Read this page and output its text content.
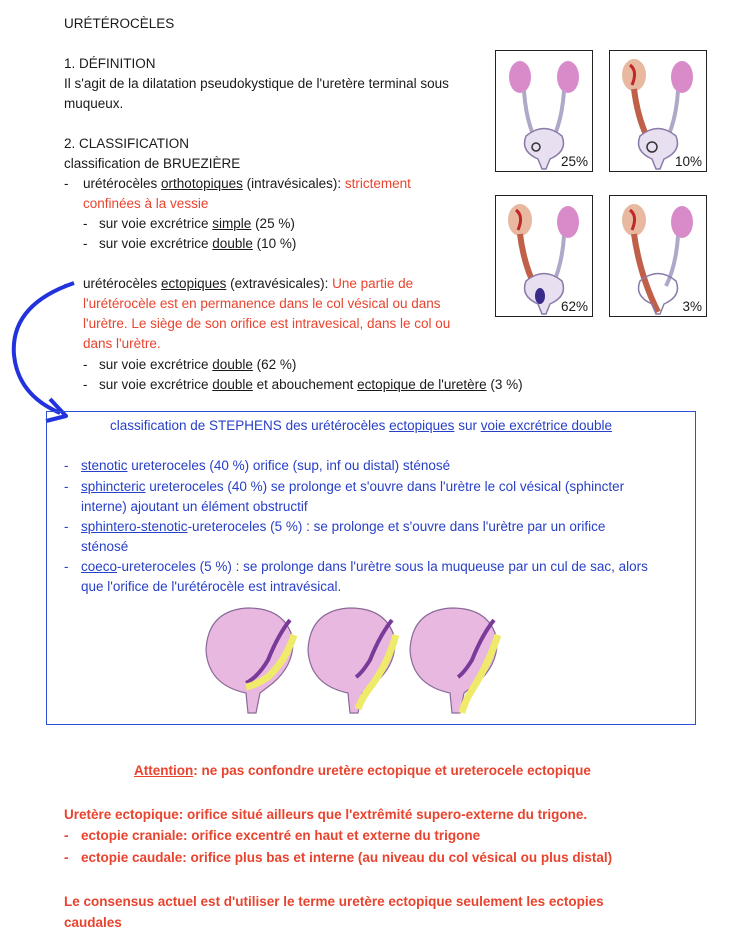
URÉTÉROCÈLES
1. DÉFINITION
Il s'agit de la dilatation pseudokystique de l'uretère terminal sous
muqueux.
2. CLASSIFICATION
classification de BRUEZIÈRE
- urétérocèles orthotopiques (intravésicales): strictement
confinées à la vessie
- sur voie excrétrice simple (25 %)
- sur voie excrétrice double (10 %)
- urétérocèles ectopiques (extravésicales): Une partie de
l'urétérocèle est en permanence dans le col vésical ou dans
l'urètre. Le siège de son orifice est intravesical, dans le col ou
dans l'urètre.
- sur voie excrétrice double (62 %)
- sur voie excrétrice double et abouchement ectopique de l'uretère (3 %)
25%	10%
62%	3%
classification de STEPHENS des urétérocèles ectopiques sur voie excrétrice double
- stenotic ureteroceles (40 %) orifice (sup, inf ou distal) sténosé
- sphincteric ureteroceles (40 %) se prolonge et s'ouvre dans l'urètre le col vésical (sphincter
interne) ajoutant un élément obstructif
- sphintero-stenotic-ureteroceles (5 %) : se prolonge et s'ouvre dans l'urètre par un orifice
sténosé
- coeco-ureteroceles (5 %) : se prolonge dans l'urètre sous la muqueuse par un cul de sac, alors
que l'orifice de l'urétérocèle est intravésical.
Attention: ne pas confondre uretère ectopique et ureterocele ectopique
Uretère ectopique: orifice situé ailleurs que l'extrêmité supero-externe du trigone.
- ectopie craniale: orifice excentré en haut et externe du trigone
- ectopie caudale: orifice plus bas et interne (au niveau du col vésical ou plus distal)
Le consensus actuel est d'utiliser le terme uretère ectopique seulement les ectopies
caudales
